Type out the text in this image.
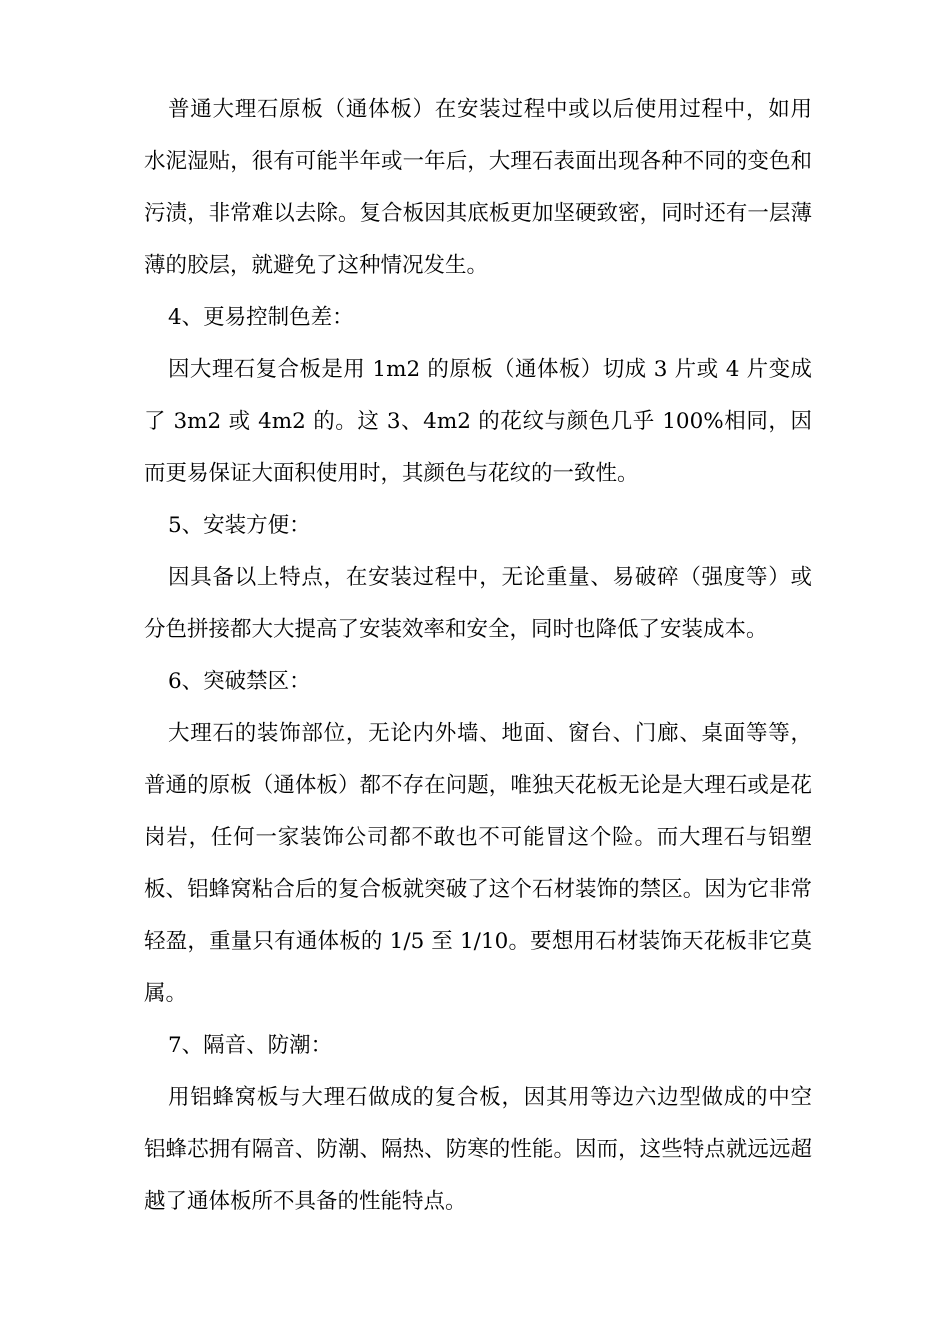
普通大理石原板（通体板）在安装过程中或以后使用过程中，如用水泥湿贴，很有可能半年或一年后，大理石表面出现各种不同的变色和污渍，非常难以去除。复合板因其底板更加坚硬致密，同时还有一层薄薄的胶层，就避免了这种情况发生。

4、更易控制色差：

因大理石复合板是用 1m2 的原板（通体板）切成 3 片或 4 片变成了 3m2 或 4m2 的。这 3、4m2 的花纹与颜色几乎 100%相同，因而更易保证大面积使用时，其颜色与花纹的一致性。

5、安装方便：

因具备以上特点，在安装过程中，无论重量、易破碎（强度等）或分色拼接都大大提高了安装效率和安全，同时也降低了安装成本。

6、突破禁区：

大理石的装饰部位，无论内外墙、地面、窗台、门廊、桌面等等，普通的原板（通体板）都不存在问题，唯独天花板无论是大理石或是花岗岩，任何一家装饰公司都不敢也不可能冒这个险。而大理石与铝塑板、铝蜂窝粘合后的复合板就突破了这个石材装饰的禁区。因为它非常轻盈，重量只有通体板的 1/5 至 1/10。要想用石材装饰天花板非它莫属。

7、隔音、防潮：

用铝蜂窝板与大理石做成的复合板，因其用等边六边型做成的中空铝蜂芯拥有隔音、防潮、隔热、防寒的性能。因而，这些特点就远远超越了通体板所不具备的性能特点。
